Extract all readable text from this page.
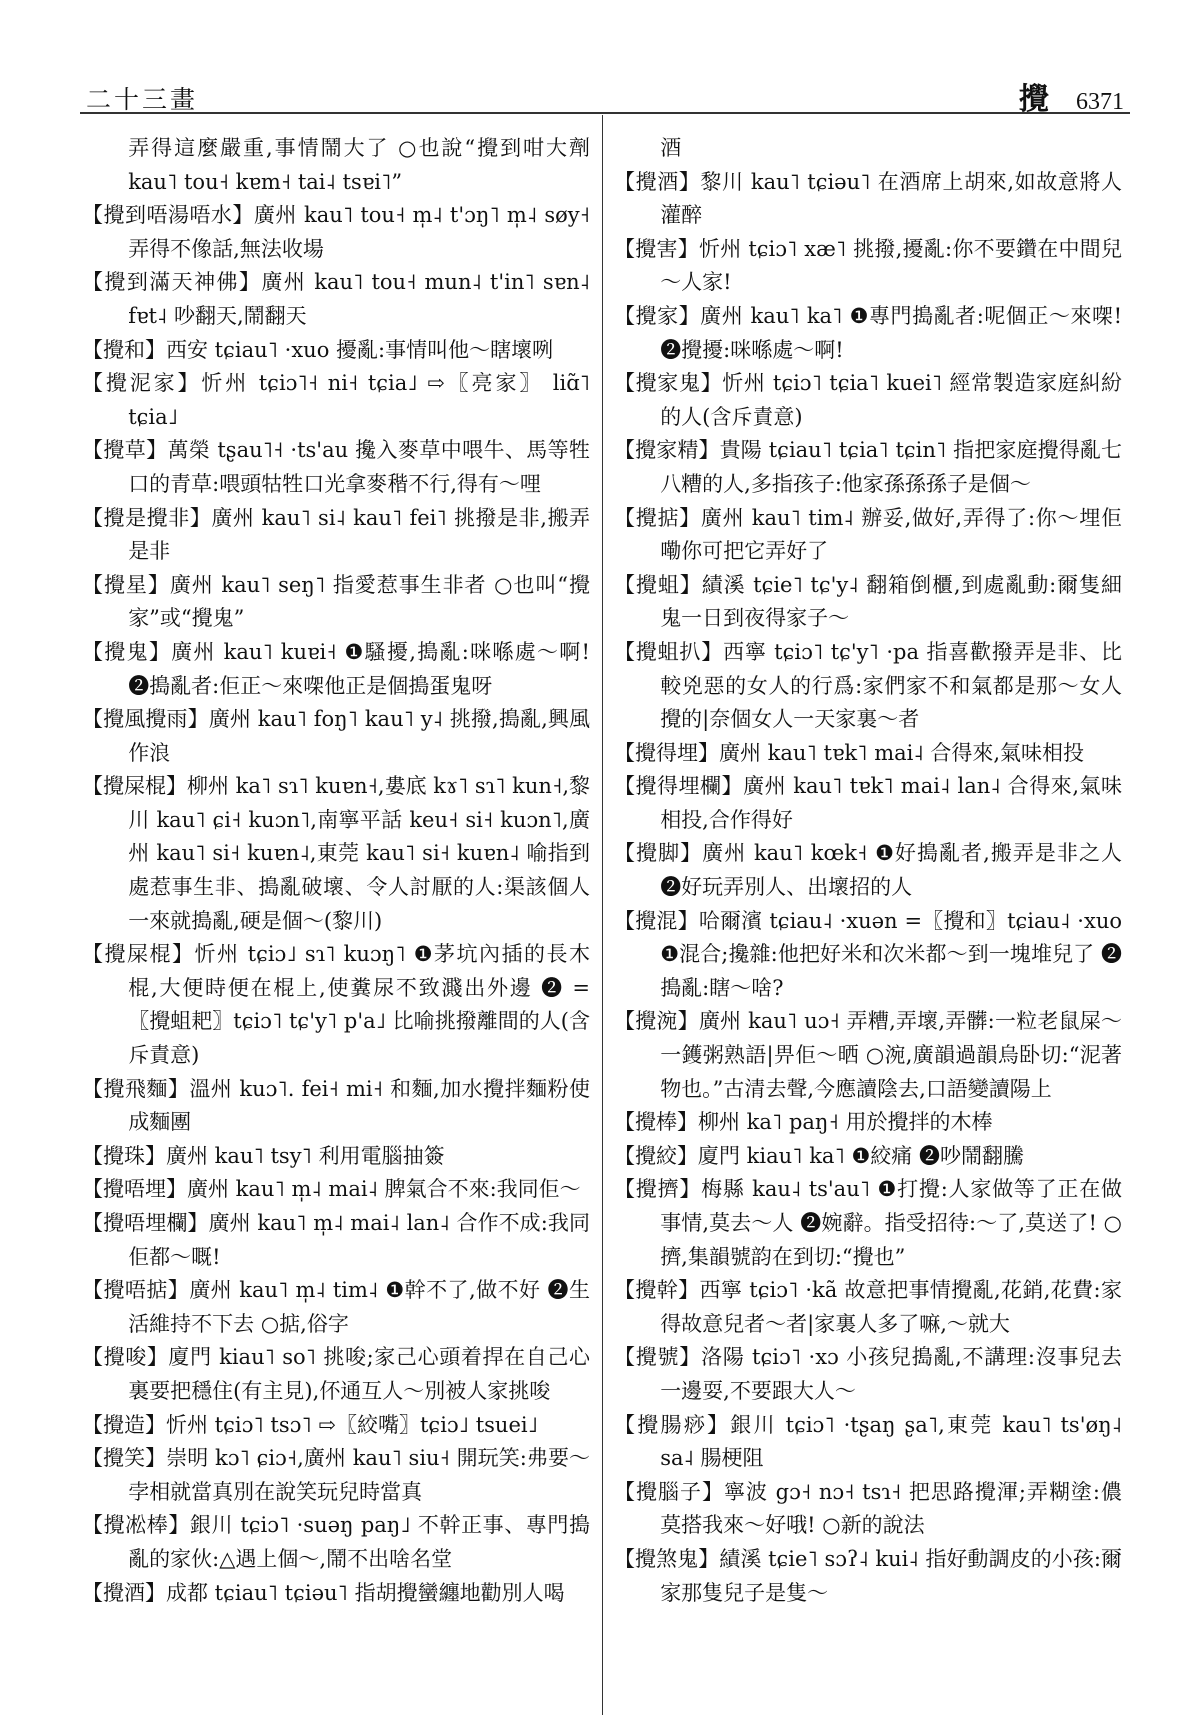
二十三畫	攪 6371
弄得這麼嚴重,事情鬧大了 ○也說“攪到咁大劑 kau˥ tou˧ kɐm˧ tai˨ tsɐi˥”
【攪到唔湯唔水】廣州 kau˥ tou˧ m̩˨ t'ɔŋ˥ m̩˨ søy˧ 弄得不像話,無法收場
【攪到滿天神佛】廣州 kau˥ tou˧ mun˨ t'in˥ sɐn˨ fɐt˨ 吵翻天,鬧翻天
【攪和】西安 tɕiau˥ ·xuo 擾亂:事情叫他～瞎壞咧
【攪泥家】忻州 tɕiɔ˥˧ ni˧ tɕia˩ ⇨〖亮家〗 liɑ̃˥ tɕia˩
【攪草】萬榮 tʂau˥˧ ·ts'au 攙入麥草中喂牛、馬等牲口的青草:喂頭牯牲口光拿麥稭不行,得有～哩
【攪是攪非】廣州 kau˥ si˨ kau˥ fei˥ 挑撥是非,搬弄是非
【攪星】廣州 kau˥ seŋ˥ 指愛惹事生非者 ○也叫“攪家”或“攪鬼”
【攪鬼】廣州 kau˥ kuɐi˧ ❶騷擾,搗亂:咪喺處～啊! ❷搗亂者:佢正～來㗎他正是個搗蛋鬼呀
【攪風攪雨】廣州 kau˥ foŋ˥ kau˥ y˨ 挑撥,搗亂,興風作浪
【攪屎棍】柳州 ka˥ sɿ˥ kuɐn˧,婁底 kɤ˥ sɿ˥ kun˧,黎川 kau˥ ɕi˧ kuɔn˥,南寧平話 keu˧ si˧ kuɔn˥,廣州 kau˥ si˧ kuɐn˨,東莞 kau˥ si˧ kuɐn˨ 喻指到處惹事生非、搗亂破壞、令人討厭的人:渠該個人一來就搗亂,硬是個～(黎川)
【攪屎棍】忻州 tɕiɔ˩ sɿ˥ kuɔŋ˥ ❶茅坑內插的長木棍,大便時便在棍上,使糞尿不致濺出外邊 ❷ =〖攪蛆耙〗tɕiɔ˥ tɕ'y˥ p'a˩ 比喻挑撥離間的人(含斥責意)
【攪飛麵】溫州 kuɔ˥. fei˧ mi˧ 和麵,加水攪拌麵粉使成麵團
【攪珠】廣州 kau˥ tsy˥ 利用電腦抽簽
【攪唔埋】廣州 kau˥ m̩˨ mai˨ 脾氣合不來:我同佢～
【攪唔埋欄】廣州 kau˥ m̩˨ mai˨ lan˨ 合作不成:我同佢都～嘅!
【攪唔掂】廣州 kau˥ m̩˨ tim˨ ❶幹不了,做不好 ❷生活維持不下去 ○掂,俗字
【攪唆】廈門 kiau˥ so˥ 挑唆;家己心頭着捍在自己心裏要把穩住(有主見),伓通互人～別被人家挑唆
【攪造】忻州 tɕiɔ˥ tsɔ˥ ⇨〖絞嘴〗tɕiɔ˩ tsuei˩
【攪笑】崇明 kɔ˥ ɕiɔ˧,廣州 kau˥ siu˧ 開玩笑:弗要～孛相就當真別在說笑玩兒時當真
【攪凇棒】銀川 tɕiɔ˥ ·suəŋ paŋ˩ 不幹正事、專門搗亂的家伙:△遇上個～,鬧不出啥名堂
【攪酒】成都 tɕiau˥ tɕiəu˥ 指胡攪蠻纏地勸別人喝
酒
【攪酒】黎川 kau˥ tɕiəu˥ 在酒席上胡來,如故意將人灌醉
【攪害】忻州 tɕiɔ˥ xæ˥ 挑撥,擾亂:你不要鑽在中間兒～人家!
【攪家】廣州 kau˥ ka˥ ❶專門搗亂者:呢個正～來㗎! ❷攪擾:咪喺處～啊!
【攪家鬼】忻州 tɕiɔ˥ tɕia˥ kuei˥ 經常製造家庭糾紛的人(含斥責意)
【攪家精】貴陽 tɕiau˥ tɕia˥ tɕin˥ 指把家庭攪得亂七八糟的人,多指孩子:他家孫孫孫子是個～
【攪掂】廣州 kau˥ tim˨ 辦妥,做好,弄得了:你～埋佢嘞你可把它弄好了
【攪蛆】績溪 tɕie˥ tɕ'y˨ 翻箱倒櫃,到處亂動:爾隻細鬼一日到夜得家子～
【攪蛆扒】西寧 tɕiɔ˥ tɕ'y˥ ·pa 指喜歡撥弄是非、比較兇惡的女人的行爲:家們家不和氣都是那～女人攪的|奈個女人一天家裏～者
【攪得埋】廣州 kau˥ tɐk˥ mai˨ 合得來,氣味相投
【攪得埋欄】廣州 kau˥ tɐk˥ mai˨ lan˨ 合得來,氣味相投,合作得好
【攪脚】廣州 kau˥ kœk˧ ❶好搗亂者,搬弄是非之人 ❷好玩弄別人、出壞招的人
【攪混】哈爾濱 tɕiau˨ ·xuən =〖攪和〗tɕiau˨ ·xuo ❶混合;攙雜:他把好米和次米都～到一塊堆兒了 ❷搗亂:瞎～啥?
【攪涴】廣州 kau˥ uɔ˧ 弄糟,弄壞,弄髒:一粒老鼠屎～一鑊粥熟語|畀佢～晒 ○涴,廣韻過韻烏卧切:“泥著物也。”古清去聲,今應讀陰去,口語變讀陽上
【攪棒】柳州 ka˥ paŋ˧ 用於攪拌的木棒
【攪絞】廈門 kiau˥ ka˥ ❶絞痛 ❷吵鬧翻騰
【攪擠】梅縣 kau˨ ts'au˥ ❶打攪:人家做等了正在做事情,莫去～人 ❷婉辭。指受招待:～了,莫送了! ○擠,集韻號韵在到切:“攪也”
【攪幹】西寧 tɕiɔ˥ ·kã 故意把事情攪亂,花銷,花費:家得故意兒者～者|家裏人多了嘛,～就大
【攪號】洛陽 tɕiɔ˥ ·xɔ 小孩兒搗亂,不講理:沒事兒去一邊耍,不要跟大人～
【攪腸痧】銀川 tɕiɔ˥ ·tʂaŋ ʂa˥,東莞 kau˥ ts'øŋ˨ sa˨ 腸梗阻
【攪腦子】寧波 gɔ˧ nɔ˧ tsɿ˧ 把思路攪渾;弄糊塗:儂莫搭我來～好哦! ○新的說法
【攪煞鬼】績溪 tɕie˥ sɔʔ˨ kui˨ 指好動調皮的小孩:爾家那隻兒子是隻～
